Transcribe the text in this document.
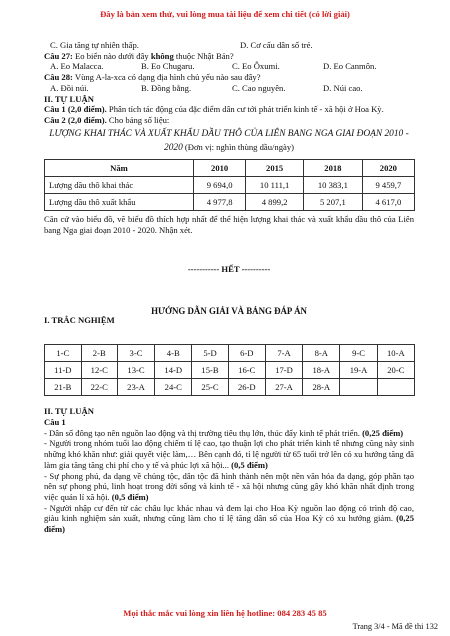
Đây là bản xem thử, vui lòng mua tài liệu để xem chi tiết (có lời giải)
C. Gia tăng tự nhiên thấp.	D. Cơ cấu dân số trẻ.
Câu 27: Eo biển nào dưới đây không thuộc Nhật Bản?
A. Eo Malacca.	B. Eo Chugaru.	C. Eo Ôxumi.	D. Eo Canmôn.
Câu 28: Vùng A-la-xca có dạng địa hình chủ yếu nào sau đây?
A. Đồi núi.	B. Đồng bằng.	C. Cao nguyên.	D. Núi cao.
II. TỰ LUẬN
Câu 1 (2,0 điểm). Phân tích tác động của đặc điểm dân cư tới phát triển kinh tế - xã hội ở Hoa Kỳ.
Câu 2 (2,0 điểm). Cho bảng số liệu:
LƯỢNG KHAI THÁC VÀ XUẤT KHẨU DẦU THÔ CỦA LIÊN BANG NGA GIAI ĐOẠN 2010 -
2020 (Đơn vị: nghìn thùng dầu/ngày)
Năm	2010	2015	2018	2020
Lượng dầu thô khai thác	9 694,0	10 111,1	10 383,1	9 459,7
Lượng dầu thô xuất khẩu	4 977,8	4 899,2	5 207,1	4 617,0
Căn cứ vào biểu đồ, vẽ biểu đồ thích hợp nhất để thể hiện lượng khai thác và xuất khẩu dầu thô của Liên bang Nga giai đoạn 2010 - 2020. Nhận xét.
----------- HẾT ----------
HƯỚNG DẪN GIẢI VÀ BẢNG ĐÁP ÁN
I. TRẮC NGHIỆM
1-C	2-B	3-C	4-B	5-D	6-D	7-A	8-A	9-C	10-A
11-D	12-C	13-C	14-D	15-B	16-C	17-D	18-A	19-A	20-C
21-B	22-C	23-A	24-C	25-C	26-D	27-A	28-A		
II. TỰ LUẬN
Câu 1
- Dân số đông tạo nên nguồn lao động và thị trường tiêu thụ lớn, thúc đẩy kinh tế phát triển. (0,25 điểm)
- Người trong nhóm tuổi lao động chiếm tỉ lệ cao, tạo thuận lợi cho phát triển kinh tế nhưng cũng này sinh những khó khăn như: giải quyết việc làm,… Bên cạnh đó, tỉ lệ người từ 65 tuổi trở lên có xu hướng tăng đã làm gia tăng tăng chi phí cho y tế và phúc lợi xã hội... (0,5 điểm)
- Sự phong phú, đa dạng về chủng tộc, dân tộc đã hình thành nên một nền văn hóa đa dạng, góp phần tạo nên sự phong phú, linh hoạt trong đời sống và kinh tế - xã hội nhưng cũng gây khó khăn nhất định trong việc quản lí xã hội. (0,5 điểm)
- Người nhập cư đến từ các châu lục khác nhau và đem lại cho Hoa Kỳ nguồn lao động có trình độ cao, giàu kinh nghiệm sản xuất, nhưng cũng làm cho tỉ lệ tăng dân số của Hoa Kỳ có xu hướng giảm. (0,25 điểm)
Mọi thắc mắc vui lòng xin liên hệ hotline: 084 283 45 85
Trang 3/4 - Mã đề thi 132
